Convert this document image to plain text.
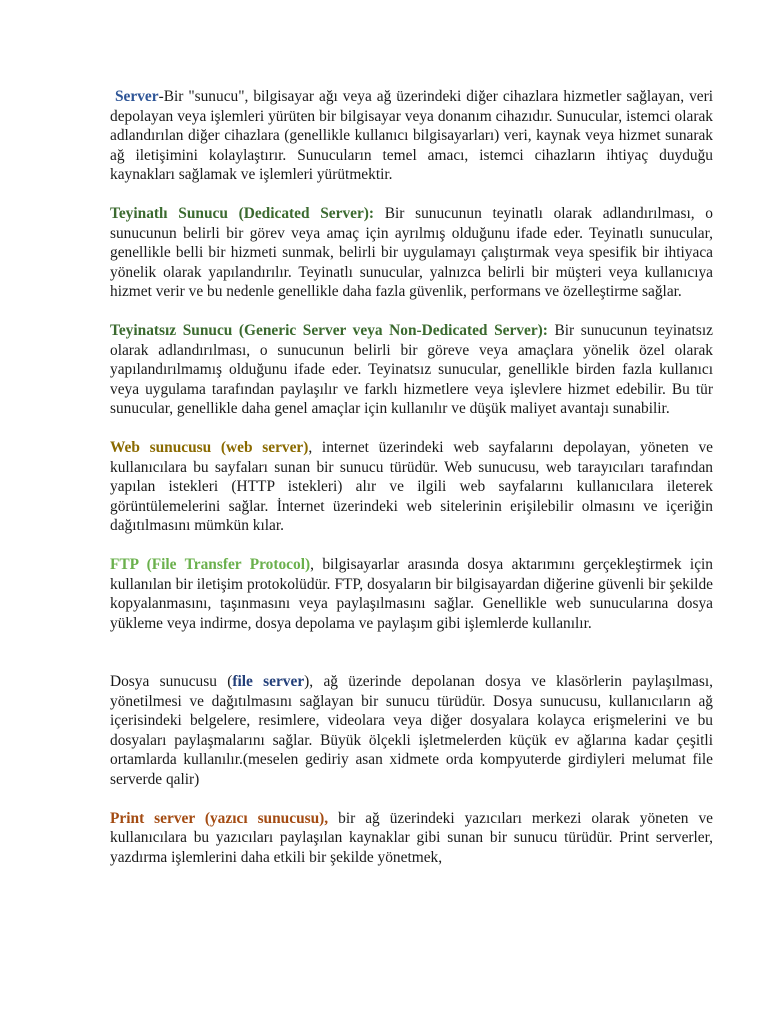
Server-Bir "sunucu", bilgisayar ağı veya ağ üzerindeki diğer cihazlara hizmetler sağlayan, veri depolayan veya işlemleri yürüten bir bilgisayar veya donanım cihazıdır. Sunucular, istemci olarak adlandırılan diğer cihazlara (genellikle kullanıcı bilgisayarları) veri, kaynak veya hizmet sunarak ağ iletişimini kolaylaştırır. Sunucuların temel amacı, istemci cihazların ihtiyaç duyduğu kaynakları sağlamak ve işlemleri yürütmektir.

Teyinatlı Sunucu (Dedicated Server): Bir sunucunun teyinatlı olarak adlandırılması, o sunucunun belirli bir görev veya amaç için ayrılmış olduğunu ifade eder. Teyinatlı sunucular, genellikle belli bir hizmeti sunmak, belirli bir uygulamayı çalıştırmak veya spesifik bir ihtiyaca yönelik olarak yapılandırılır. Teyinatlı sunucular, yalnızca belirli bir müşteri veya kullanıcıya hizmet verir ve bu nedenle genellikle daha fazla güvenlik, performans ve özelleştirme sağlar.

Teyinatsız Sunucu (Generic Server veya Non-Dedicated Server): Bir sunucunun teyinatsız olarak adlandırılması, o sunucunun belirli bir göreve veya amaçlara yönelik özel olarak yapılandırılmamış olduğunu ifade eder. Teyinatsız sunucular, genellikle birden fazla kullanıcı veya uygulama tarafından paylaşılır ve farklı hizmetlere veya işlevlere hizmet edebilir. Bu tür sunucular, genellikle daha genel amaçlar için kullanılır ve düşük maliyet avantajı sunabilir.

Web sunucusu (web server), internet üzerindeki web sayfalarını depolayan, yöneten ve kullanıcılara bu sayfaları sunan bir sunucu türüdür. Web sunucusu, web tarayıcıları tarafından yapılan istekleri (HTTP istekleri) alır ve ilgili web sayfalarını kullanıcılara ileterek görüntülemelerini sağlar. İnternet üzerindeki web sitelerinin erişilebilir olmasını ve içeriğin dağıtılmasını mümkün kılar.

FTP (File Transfer Protocol), bilgisayarlar arasında dosya aktarımını gerçekleştirmek için kullanılan bir iletişim protokolüdür. FTP, dosyaların bir bilgisayardan diğerine güvenli bir şekilde kopyalanmasını, taşınmasını veya paylaşılmasını sağlar. Genellikle web sunucularına dosya yükleme veya indirme, dosya depolama ve paylaşım gibi işlemlerde kullanılır.

Dosya sunucusu (file server), ağ üzerinde depolanan dosya ve klasörlerin paylaşılması, yönetilmesi ve dağıtılmasını sağlayan bir sunucu türüdür. Dosya sunucusu, kullanıcıların ağ içerisindeki belgelere, resimlere, videolara veya diğer dosyalara kolayca erişmelerini ve bu dosyaları paylaşmalarını sağlar. Büyük ölçekli işletmelerden küçük ev ağlarına kadar çeşitli ortamlarda kullanılır.(meselen gediriy asan xidmete orda kompyuterde girdiyleri melumat file serverde qalir)

Print server (yazıcı sunucusu), bir ağ üzerindeki yazıcıları merkezi olarak yöneten ve kullanıcılara bu yazıcıları paylaşılan kaynaklar gibi sunan bir sunucu türüdür. Print serverler, yazdırma işlemlerini daha etkili bir şekilde yönetmek,
